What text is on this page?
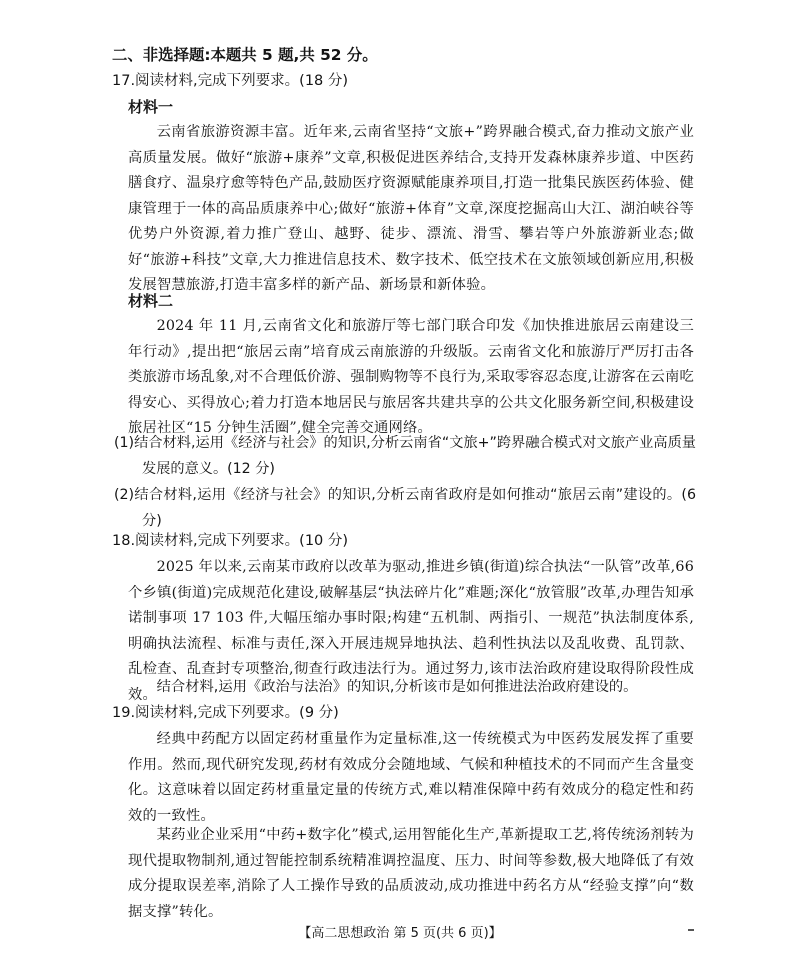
二、非选择题:本题共 5 题,共 52 分。
17.阅读材料,完成下列要求。(18 分)
材料一

云南省旅游资源丰富。近年来,云南省坚持“文旅+”跨界融合模式,奋力推动文旅产业高质量发展。做好“旅游+康养”文章,积极促进医养结合,支持开发森林康养步道、中医药膳食疗、温泉疗愈等特色产品,鼓励医疗资源赋能康养项目,打造一批集民族医药体验、健康管理于一体的高品质康养中心;做好“旅游+体育”文章,深度挖掘高山大江、湖泊峡谷等优势户外资源,着力推广登山、越野、徒步、漂流、滑雪、攀岩等户外旅游新业态;做好“旅游+科技”文章,大力推进信息技术、数字技术、低空技术在文旅领域创新应用,积极发展智慧旅游,打造丰富多样的新产品、新场景和新体验。

材料二

2024 年 11 月,云南省文化和旅游厅等七部门联合印发《加快推进旅居云南建设三年行动》,提出把“旅居云南”培育成云南旅游的升级版。云南省文化和旅游厅严厉打击各类旅游市场乱象,对不合理低价游、强制购物等不良行为,采取零容忍态度,让游客在云南吃得安心、买得放心;着力打造本地居民与旅居客共建共享的公共文化服务新空间,积极建设旅居社区“15 分钟生活圈”,健全完善交通网络。

(1)结合材料,运用《经济与社会》的知识,分析云南省“文旅+”跨界融合模式对文旅产业高质量发展的意义。(12 分)

(2)结合材料,运用《经济与社会》的知识,分析云南省政府是如何推动“旅居云南”建设的。(6 分)

18.阅读材料,完成下列要求。(10 分)

2025 年以来,云南某市政府以改革为驱动,推进乡镇(街道)综合执法“一队管”改革,66 个乡镇(街道)完成规范化建设,破解基层“执法碎片化”难题;深化“放管服”改革,办理告知承诺制事项 17 103 件,大幅压缩办事时限;构建“五机制、两指引、一规范”执法制度体系,明确执法流程、标准与责任,深入开展违规异地执法、趋利性执法以及乱收费、乱罚款、乱检查、乱查封专项整治,彻查行政违法行为。通过努力,该市法治政府建设取得阶段性成效。 结合材料,运用《政治与法治》的知识,分析该市是如何推进法治政府建设的。
19.阅读材料,完成下列要求。(9 分)

经典中药配方以固定药材重量作为定量标准,这一传统模式为中医药发展发挥了重要作用。然而,现代研究发现,药材有效成分会随地域、气候和种植技术的不同而产生含量变化。这意味着以固定药材重量定量的传统方式,难以精准保障中药有效成分的稳定性和药效的一致性。

某药业企业采用“中药+数字化”模式,运用智能化生产,革新提取工艺,将传统汤剂转为现代提取物制剂,通过智能控制系统精准调控温度、压力、时间等参数,极大地降低了有效成分提取误差率,消除了人工操作导致的品质波动,成功推进中药名方从“经验支撑”向“数据支撑”转化。

【高二思想政治 第 5 页(共 6 页)】
